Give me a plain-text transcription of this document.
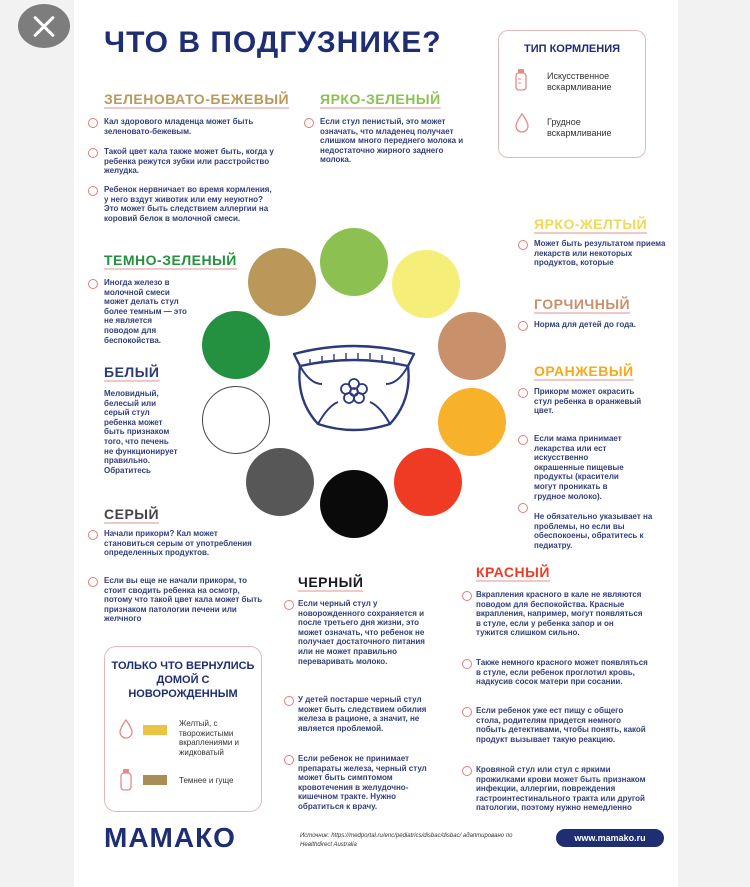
ЧТО В ПОДГУЗНИКЕ?	ТИП КОРМЛЕНИЯ
Искусственное вскармливание
Грудное вскармливание
ЗЕЛЕНОВАТО-БЕЖЕВЫЙ
Кал здорового младенца может быть зеленовато-бежевым.
Такой цвет кала также может быть, когда у ребенка режутся зубки или расстройство желудка.
Ребенок нервничает во время кормления, у него вздут животик или ему неуютно? Это может быть следствием аллергии на коровий белок в молочной смеси.
ЯРКО-ЗЕЛЕНЫЙ
Если стул пенистый, это может означать, что младенец получает слишком много переднего молока и недостаточно жирного заднего молока.
ЯРКО-ЖЕЛТЫЙ
Может быть результатом приема лекарств или некоторых продуктов, которые
ТЕМНО-ЗЕЛЕНЫЙ
Иногда железо в молочной смеси может делать стул более темным — это не является поводом для беспокойства.
ГОРЧИЧНЫЙ
Норма для детей до года.
БЕЛЫЙ
Меловидный, белесый или серый стул ребенка может быть признаком того, что печень не функционирует правильно. Обратитесь
ОРАНЖЕВЫЙ
Прикорм может окрасить стул ребенка в оранжевый цвет.
Если мама принимает лекарства или ест искусственно окрашенные пищевые продукты (красители могут проникать в грудное молоко).
Не обязательно указывает на проблемы, но если вы обеспокоены, обратитесь к педиатру.
СЕРЫЙ
Начали прикорм? Кал может становиться серым от употребления определенных продуктов.
Если вы еще не начали прикорм, то стоит сводить ребенка на осмотр, потому что такой цвет кала может быть признаком патологии печени или желчного
КРАСНЫЙ
Вкрапления красного в кале не являются поводом для беспокойства. Красные вкрапления, например, могут появляться в стуле, если у ребенка запор и он тужится слишком сильно.
Также немного красного может появляться в стуле, если ребенок проглотил кровь, надкусив сосок матери при сосании.
Если ребенок уже ест пищу с общего стола, родителям придется немного побыть детективами, чтобы понять, какой продукт вызывает такую реакцию.
Кровяной стул или стул с яркими прожилками крови может быть признаком инфекции, аллергии, повреждения гастроинтестинального тракта или другой патологии, поэтому нужно немедленно
ЧЕРНЫЙ
Если черный стул у новорожденного сохраняется и после третьего дня жизни, это может означать, что ребенок не получает достаточного питания или не может правильно переваривать молоко.
У детей постарше черный стул может быть следствием обилия железа в рационе, а значит, не является проблемой.
Если ребенок не принимает препараты железа, черный стул может быть симптомом кровотечения в желудочно-кишечном тракте. Нужно обратиться к врачу.
ТОЛЬКО ЧТО ВЕРНУЛИСЬ ДОМОЙ С НОВОРОЖДЕННЫМ
Желтый, с творожистыми вкраплениями и жидковатый
Темнее и гуще
МАМАКО	Источник: https://medportal.ru/enc/pediatrics/disbac/disbac/ адаптировано по Healthdirect Australia
www.mamako.ru
